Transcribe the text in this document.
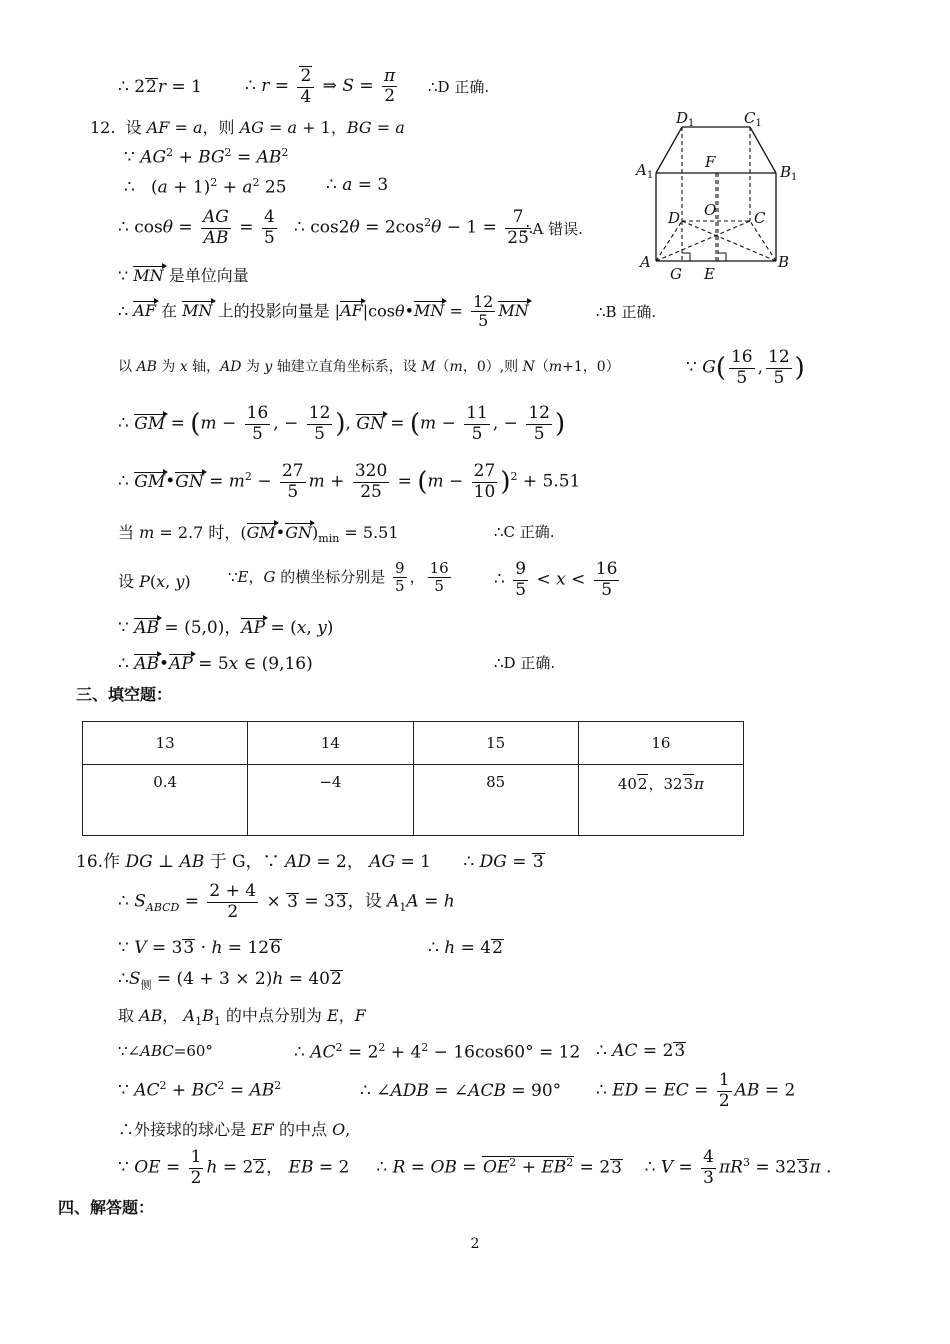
∴ 22r = 1	∴ $r = \frac{2}{4}$ ⇒ $S = \frac{\pi}{2}$ ∴D 正确.
12.  设 AF = a，则 AG = a + 1，BG = a
∵ $AG^2 + BG^2 = AB^2$
∴   $(a + 1)^2 + a^2$ 25 ∴ a = 3
∴ $\cos\theta = \frac{AG}{AB} = \frac{4}{5}$ ∴ $\cos 2\theta = 2\cos^2\theta - 1 = \frac{7}{25}$
∴A 错误.
∵ MN 是单位向量
∴ AF 在 MN 上的投影向量是 |AF|cosθ•MN = $\frac{12}{5}$ MN	∴B 正确.
以 AB 为 x 轴，AD 为 y 轴建立直角坐标系，设 M（m，0）,则 N（m+1，0）	∵ $G( \frac{16}{5}$ , $\frac{12}{5}$ )
∴ GM = ($m - \frac{16}{5}$ , − $\frac{12}{5}$ ), GN = ($m - \frac{11}{5}$ , − $\frac{12}{5}$ )
∴ GM•GN = $m^2 - \frac{27}{5}$ $m + \frac{320}{25} = (m - \frac{27}{10} )^2 + 5.51$
当 m = 2.7 时，$(GM•GN)_{min} = 5.51$	∴C 正确.
设 P(x, y) ∵E，G 的横坐标分别是 $\frac{9}{5}$ ， $\frac{16}{5}$	∴ $\frac{9}{5} < x < \frac{16}{5}$
∵ AB = (5,0)，AP = (x, y)
∴ AB•AP = 5x ∈ (9,16)	∴D 正确.
$D_1$	$C_1$
$A_1$
F
$B_1$
D O	C
A
G E
B
三、填空题：
13	14	15	16
0.4	−4	85	402，323π
16.作 DG ⊥ AB 于 G，∵ AD = 2， AG = 1      ∴ DG = 3
∴ $S_{ABCD} = \frac{2 + 4}{2} \times 3 = 33$，设 $A_1A = h$
∵ V = 33 · h = 126	∴ h = 42
$\therefore S_侧 = (4 + 3 \times 2)h = 402$
取 AB， $A_1B_1$ 的中点分别为 E，F
∵∠ABC=60°	∴ $AC^2 = 2^2 + 4^2 - 16\cos 60^\circ = 12$ ∴ AC = 23
∵ $AC^2 + BC^2 = AB^2$	∴ ∠ADB = ∠ACB = 90° ∴ ED = EC = $\frac{1}{2}$ AB = 2
∴外接球的球心是 EF 的中点 O,
∵ OE = $\frac{1}{2}$ h = 22， EB = 2     ∴ R = OB = $OE^2 + EB^2 = 23$    ∴ $V = \frac{4}{3} \pi R^3 = 323\pi$ .
四、解答题：
2
